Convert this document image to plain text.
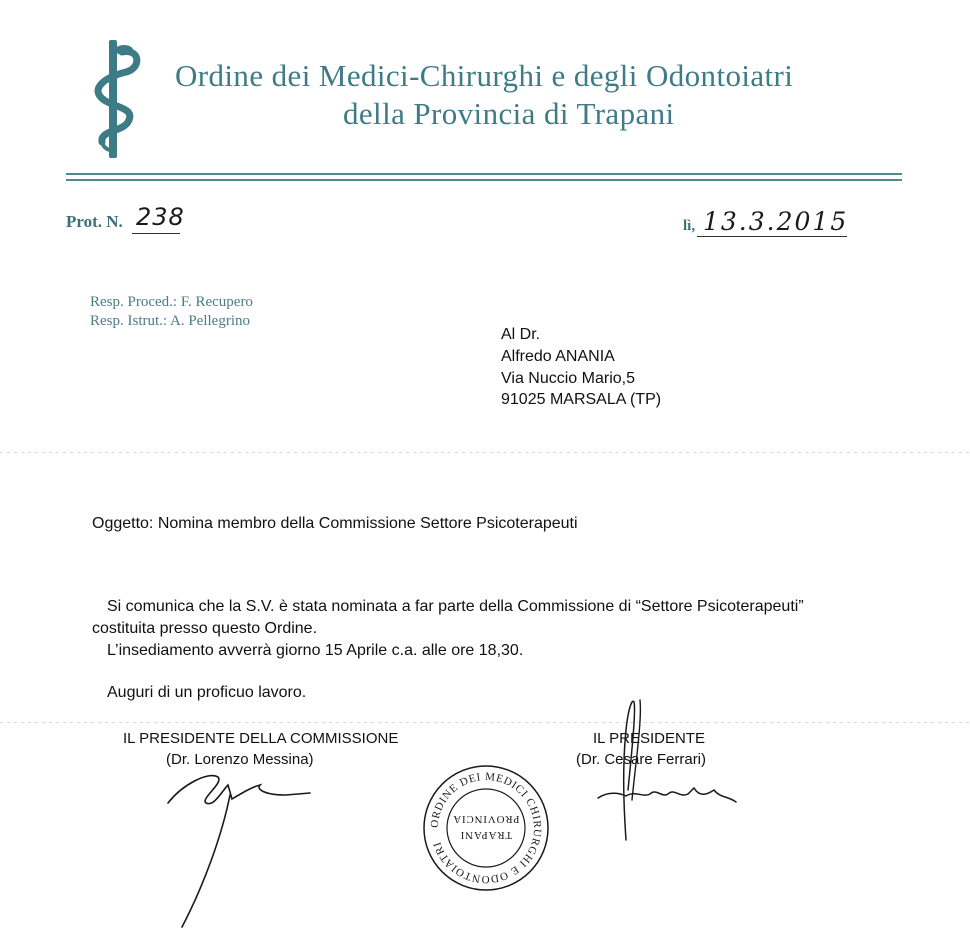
Ordine dei Medici-Chirurghi e degli Odontoiatri
della Provincia di Trapani
Prot. N. 238	lì, 13.3.2015
Resp. Proced.: F. Recupero
Resp. Istrut.: A. Pellegrino
Al Dr.
Alfredo ANANIA
Via Nuccio Mario,5
91025 MARSALA (TP)
Oggetto: Nomina membro della Commissione Settore Psicoterapeuti
Si comunica che la S.V. è stata nominata a far parte della Commissione di “Settore Psicoterapeuti”
costituita presso questo Ordine.
L’insediamento avverrà giorno 15 Aprile c.a. alle ore 18,30.
Auguri di un proficuo lavoro.
IL PRESIDENTE DELLA COMMISSIONE
(Dr. Lorenzo Messina)
IL PRESIDENTE
(Dr. Cesare Ferrari)
ORDINE DEI MEDICI CHIRURGHI E ODONTOIATRI
TRAPANI
PROVINCIA
